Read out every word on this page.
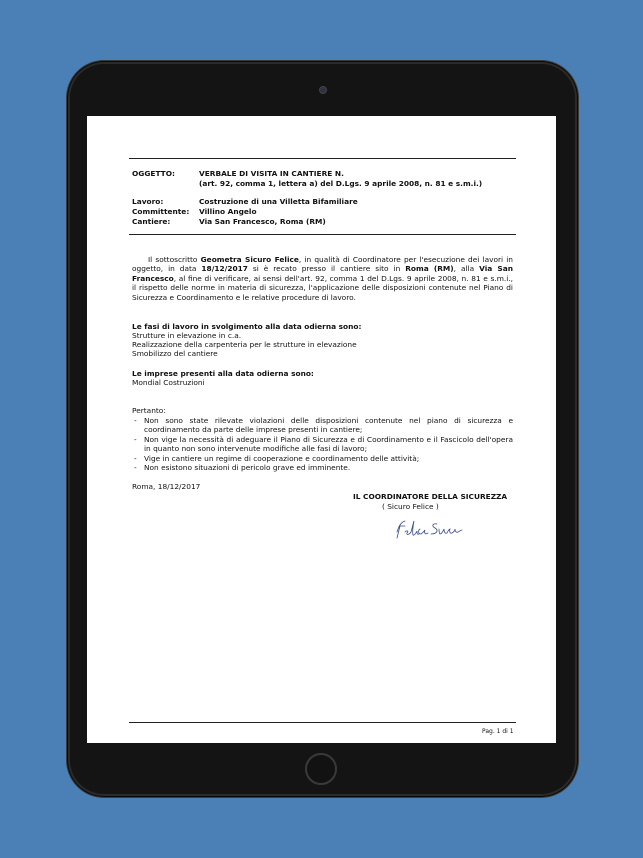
OGGETTO:	VERBALE DI VISITA IN CANTIERE N.
(art. 92, comma 1, lettera a) del D.Lgs. 9 aprile 2008, n. 81 e s.m.i.)
Lavoro:	Costruzione di una Villetta Bifamiliare
Committente: Villino Angelo
Cantiere:	Via San Francesco, Roma (RM)
Il sottoscritto Geometra Sicuro Felice, in qualità di Coordinatore per l'esecuzione dei lavori in oggetto, in data 18/12/2017 si è recato presso il cantiere sito in Roma (RM), alla Via San Francesco, al fine di verificare, ai sensi dell'art. 92, comma 1 del D.Lgs. 9 aprile 2008, n. 81 e s.m.i., il rispetto delle norme in materia di sicurezza, l'applicazione delle disposizioni contenute nel Piano di Sicurezza e Coordinamento e le relative procedure di lavoro.
Le fasi di lavoro in svolgimento alla data odierna sono:
Strutture in elevazione in c.a.
Realizzazione della carpenteria per le strutture in elevazione
Smobilizzo del cantiere
Le imprese presenti alla data odierna sono:
Mondial Costruzioni
Pertanto:
- Non sono state rilevate violazioni delle disposizioni contenute nel piano di sicurezza e coordinamento da parte delle imprese presenti in cantiere;
- Non vige la necessità di adeguare il Piano di Sicurezza e di Coordinamento e il Fascicolo dell'opera in quanto non sono intervenute modifiche alle fasi di lavoro;
- Vige in cantiere un regime di cooperazione e coordinamento delle attività;
- Non esistono situazioni di pericolo grave ed imminente.
Roma, 18/12/2017
IL COORDINATORE DELLA SICUREZZA
( Sicuro Felice )
Pag. 1 di 1
